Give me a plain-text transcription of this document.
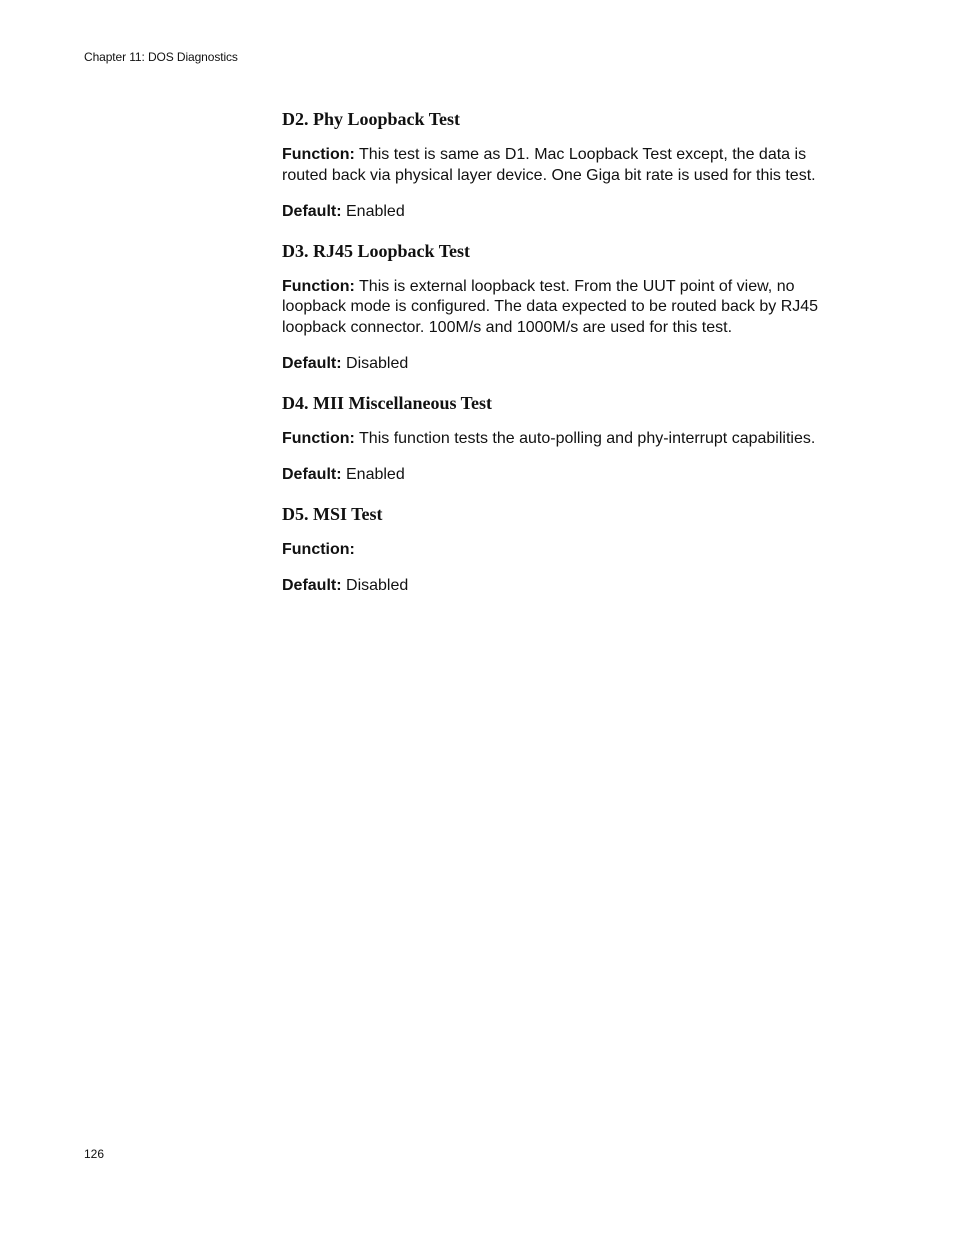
Chapter 11: DOS Diagnostics
D2. Phy Loopback Test
Function: This test is same as D1. Mac Loopback Test except, the data is routed back via physical layer device. One Giga bit rate is used for this test.
Default: Enabled
D3. RJ45 Loopback Test
Function: This is external loopback test. From the UUT point of view, no loopback mode is configured. The data expected to be routed back by RJ45 loopback connector. 100M/s and 1000M/s are used for this test.
Default: Disabled
D4. MII Miscellaneous Test
Function: This function tests the auto-polling and phy-interrupt capabilities.
Default: Enabled
D5. MSI Test
Function:
Default: Disabled
126
